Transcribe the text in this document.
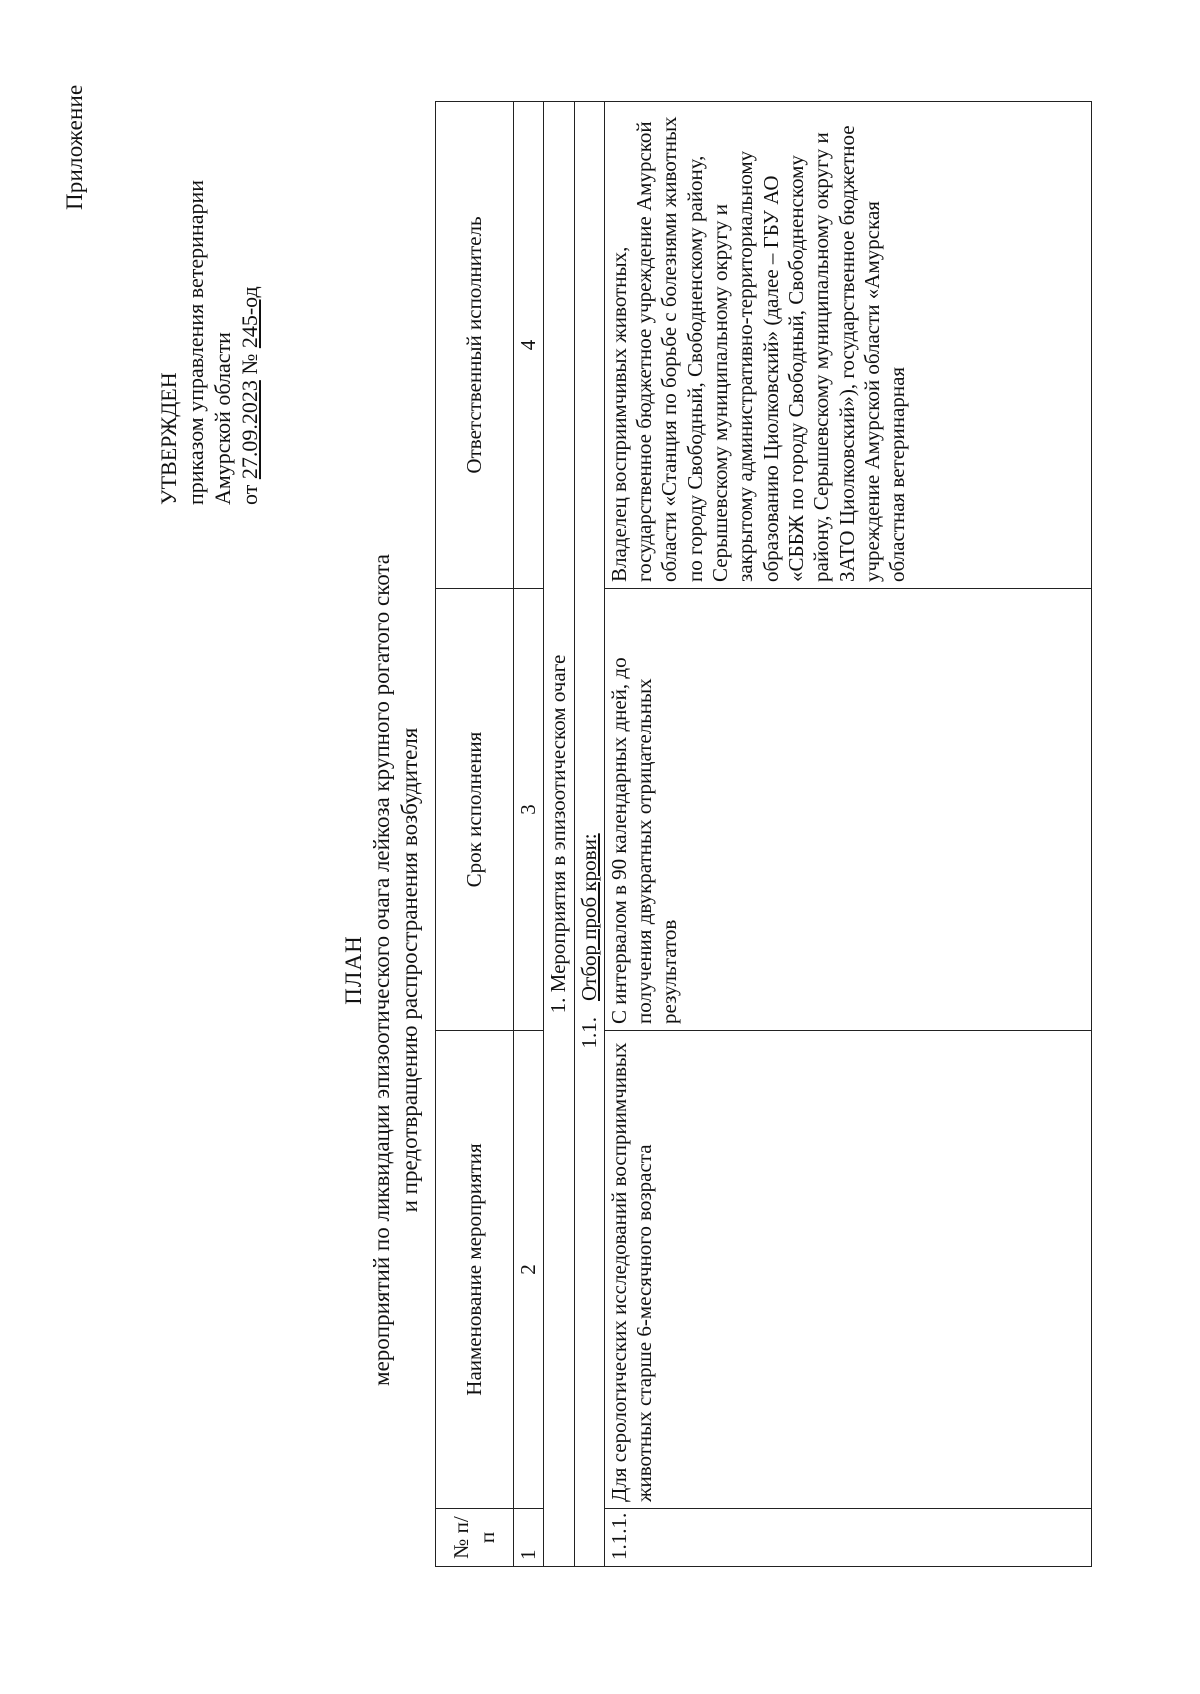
Приложение
УТВЕРЖДЕН приказом управления ветеринарии Амурской области от 27.09.2023 № 245-од
ПЛАН мероприятий по ликвидации эпизоотического очага лейкоза крупного рогатого скота и предотвращению распространения возбудителя
№ п/п	Наименование мероприятия	Срок исполнения	Ответственный исполнитель
1	2	3	4
1. Мероприятия в эпизоотическом очаге			

1.1.
Отбор проб крови:			

1.1.1.	Для серологических исследований восприимчивых животных старше 6-месячного возраста	С интервалом в 90 календарных дней, до получения двукратных отрицательных результатов	Владелец восприимчивых животных, государственное бюджетное учреждение Амурской области «Станция по борьбе с болезнями животных по городу Свободный, Свободненскому району, Серышевскому муниципальному округу и закрытому административно-территориальному образованию Циолковский» (далее – ГБУ АО «СББЖ по городу Свободный, Свободненскому району, Серышевскому муниципальному округу и ЗАТО Циолковский»), государственное бюджетное учреждение Амурской области «Амурская областная ветеринарная
